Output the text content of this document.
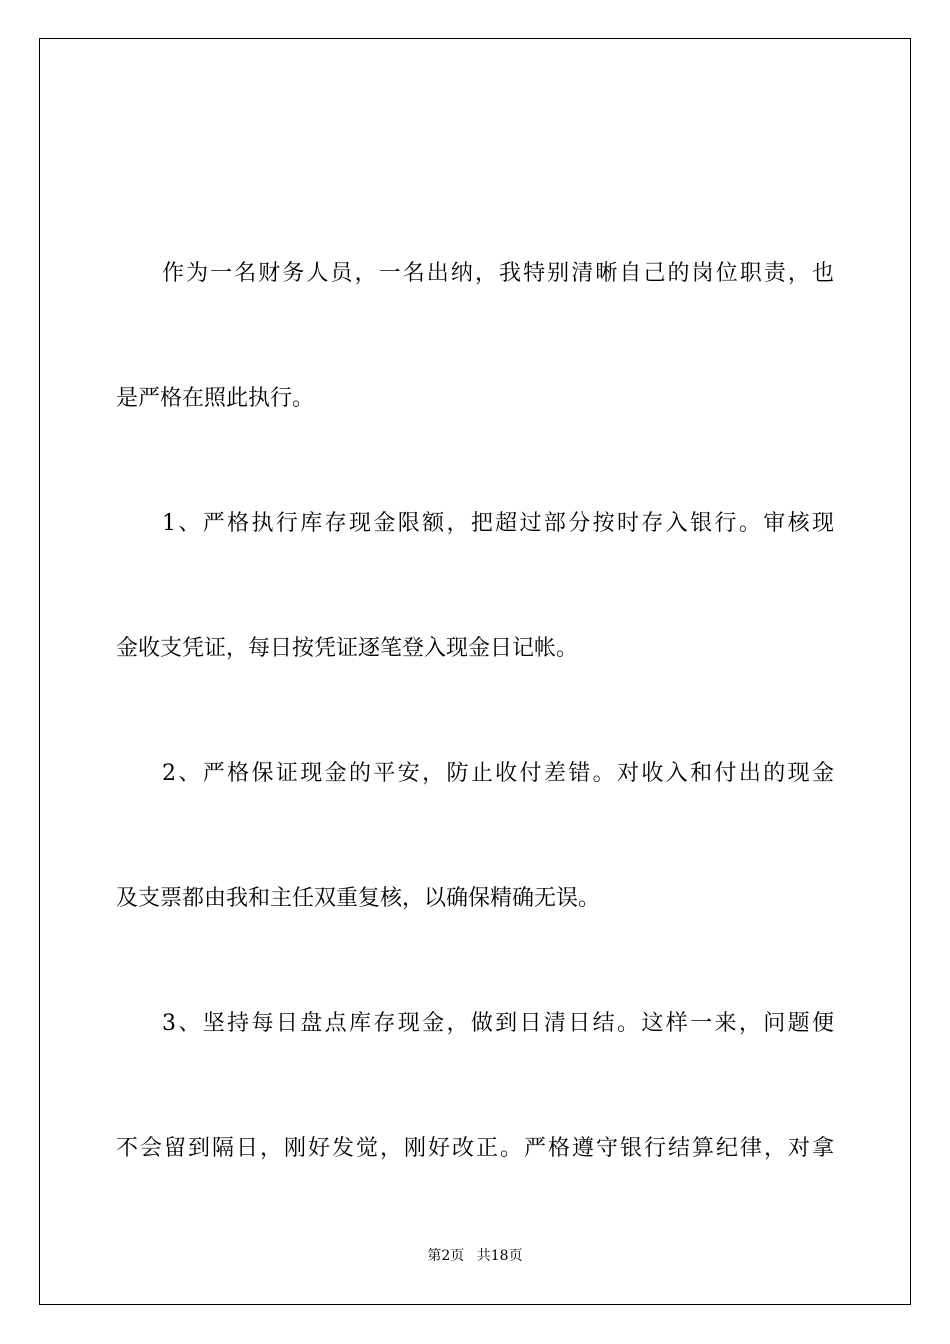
作为一名财务人员，一名出纳，我特别清晰自己的岗位职责，也
是严格在照此执行。
1、严格执行库存现金限额，把超过部分按时存入银行。审核现
金收支凭证，每日按凭证逐笔登入现金日记帐。
2、严格保证现金的平安，防止收付差错。对收入和付出的现金
及支票都由我和主任双重复核，以确保精确无误。
3、坚持每日盘点库存现金，做到日清日结。这样一来，问题便
不会留到隔日，刚好发觉，刚好改正。严格遵守银行结算纪律，对拿
第2页 共18页
